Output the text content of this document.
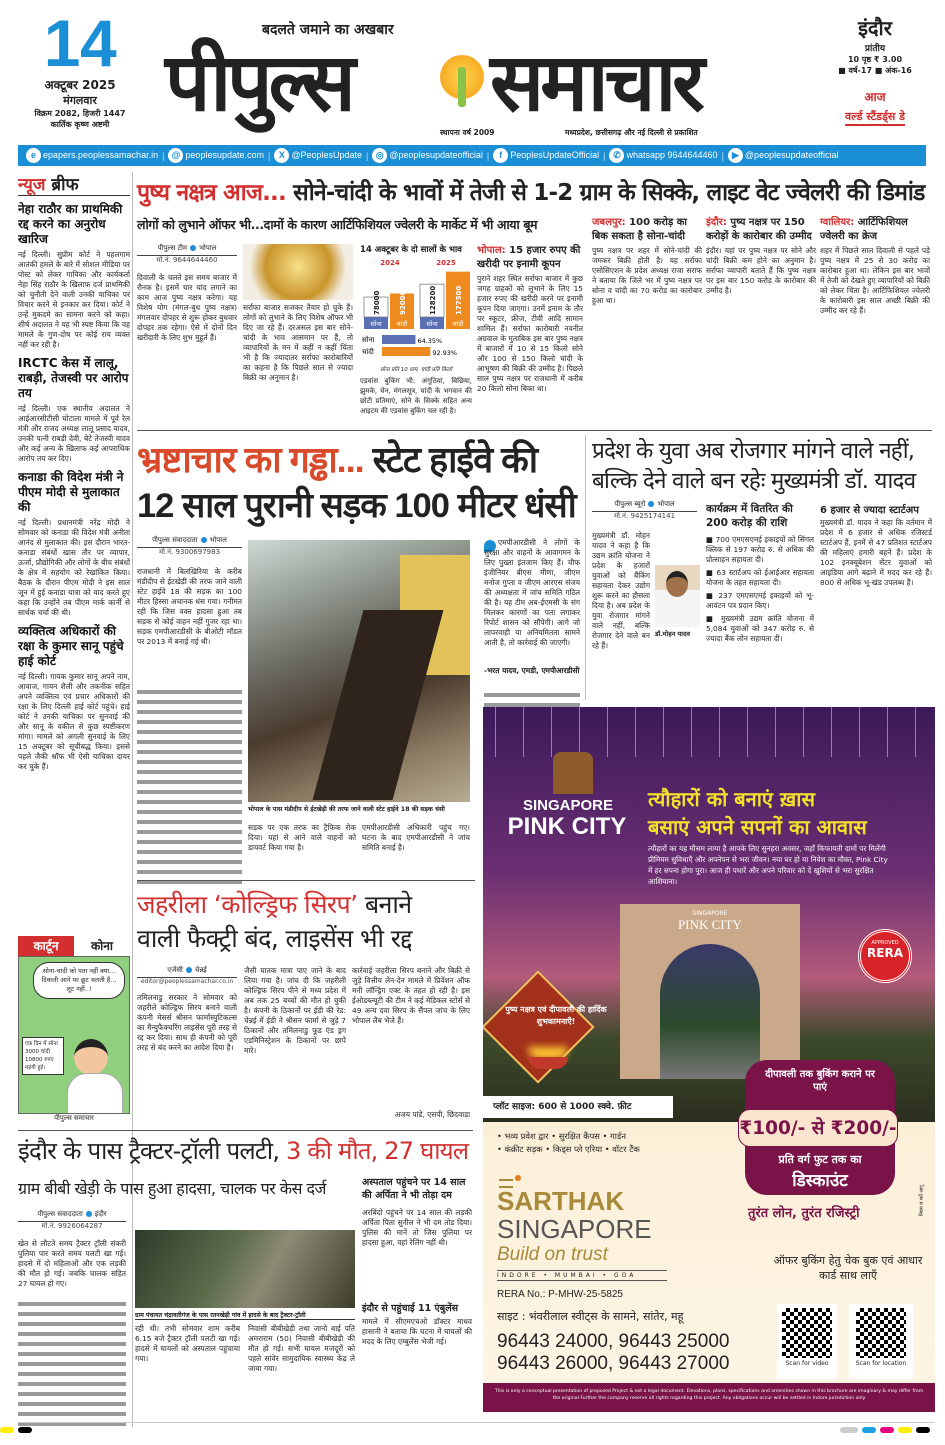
14
अक्टूबर 2025
मंगलवार
विक्रम 2082, हिजरी 1447
कार्तिक कृष्ण अष्टमी
बदलते जमाने का अखबार
पीपुल्स	समाचार
स्थापना वर्ष 2009	मध्यप्रदेश, छत्तीसगढ़ और नई दिल्ली से प्रकाशित
इंदौर
प्रांतीय
10 पृष्ठ ₹ 3.00
■ वर्ष-17 ■ अंक-16
आज
वर्ल्ड स्टैंडर्ड्स डे
e epapers.peoplessamachar.in | @ peoplesupdate.com | X @PeoplesUpdate | ◎ @peoplesupdateofficial |	f PeoplesUpdateOfficial | ✆ whatsapp 9644644460 | ▶ @peoplesupdateofficial
न्यूज ब्रीफ
नेहा राठौर का प्राथमिकी रद्द करने का अनुरोध खारिज
नई दिल्ली। सुप्रीम कोर्ट ने पहलगाम आतंकी हमले के बारे में सोशल मीडिया पर पोस्ट को लेकर गायिका और कार्यकर्ता नेहा सिंह राठौर के खिलाफ दर्ज प्राथमिकी को चुनौती देने वाली उनकी याचिका पर विचार करने से इनकार कर दिया। कोर्ट ने उन्हें मुकदमे का सामना करने को कहा। शीर्ष अदालत ने यह भी स्पष्ट किया कि वह मामले के गुण-दोष पर कोई राय व्यक्त नहीं कर रही है।
IRCTC केस में लालू, राबड़ी, तेजस्वी पर आरोप तय
नई दिल्ली। एक स्थानीय अदालत ने आईआरसीटीसी घोटाला मामले में पूर्व रेल मंत्री और राजद अध्यक्ष लालू प्रसाद यादव, उनकी पत्नी राबड़ी देवी, बेटे तेजस्वी यादव और कई अन्य के खिलाफ कई आपराधिक आरोप तय कर दिए।
कनाडा की विदेश मंत्री ने पीएम मोदी से मुलाकात की
नई दिल्ली। प्रधानमंत्री नरेंद्र मोदी ने सोमवार को कनाडा की विदेश मंत्री अनीता आनंद से मुलाकात की। इस दौरान भारत-कनाडा संबंधों खास तौर पर व्यापार, ऊर्जा, प्रौद्योगिकी और लोगों के बीच संबंधों के क्षेत्र में सहयोग को रेखांकित किया। बैठक के दौरान पीएम मोदी ने इस साल जून में हुई कनाडा यात्रा को याद करते हुए कहा कि उन्होंने तब पीएम मार्क कार्नी से सार्थक चर्चा की थी।
व्यक्तित्व अधिकारों की रक्षा के कुमार सानू पहुंचे हाई कोर्ट
नई दिल्ली। गायक कुमार सानू अपने नाम, आवाज, गायन शैली और तकनीक सहित अपने व्यक्तित्व एवं प्रचार अधिकारों की रक्षा के लिए दिल्ली हाई कोर्ट पहुंचे। हाई कोर्ट ने उनकी याचिका पर सुनवाई की और सानू के वकील से कुछ स्पष्टीकरण मांगा। मामले को अगली सुनवाई के लिए 15 अक्टूबर को सूचीबद्ध किया। इससे पहले जैकी श्रॉफ भी ऐसी याचिका दायर कर चुके हैं।
कार्टून	कोना
सोना-चांदी को पता नहीं क्या... दिवाली आने पर छूट चलती है... लूट नहीं..!
एक दिन में सोना 3000 चांदी 10800 रुपए महंगी हुई।
पीपुल्स समाचार
पुष्य नक्षत्र आज... सोने-चांदी के भावों में तेजी से 1-2 ग्राम के सिक्के, लाइट वेट ज्वेलरी की डिमांड
लोगों को लुभाने ऑफर भी...दामों के कारण आर्टिफिशियल ज्वेलरी के मार्केट में भी आया बूम
पीपुल्स टीम भोपाल
मो.नं. 9644644460
दिवाली के चलते इस समय बाजार में रौनक है। इसमें चार चांद लगाने का काम आज पुष्य नक्षत्र करेगा। यह विशेष योग (मंगल-बुध पुष्य नक्षत्र) मंगलवार दोपहर से शुरू होकर बुधवार दोपहर तक रहेगा। ऐसे में दोनों दिन खरीदारी के लिए शुभ मुहूर्त हैं।
सर्राफा बाजार सजकर तैयार हो चुके हैं। लोगों को लुभाने के लिए विशेष ऑफर भी दिए जा रहे हैं। दरअसल इस बार सोने-चांदी के भाव आसमान पर हैं, तो व्यापारियों के मन में कहीं न कहीं चिंता भी है कि ज्यादातर सर्राफा कारोबारियों का कहना है कि पिछले साल से ज्यादा बिक्री का अनुमान है।
14 अक्टूबर के दो सालों के भाव
2024
78000
सोना
92000
चांदी
2025
128200
सोना
177500
चांदी
सोना	64.35%
चांदी	92.93%
सोना प्रति 10 ग्राम, चांदी प्रति किलो
एडवांस बुकिंग भी: अंगूठियां, बिछिया, झुमके, चेन, मंगलसूत्र, चांदी के भगवान की छोटी प्रतिमाएं, सोने के सिक्के सहित अन्य आइटम की एडवांस बुकिंग चल रही है।
भोपाल: 15 हजार रुपए की खरीदी पर इनामी कूपन
पुराने शहर स्थित सर्राफा बाजार में कुछ जगह ग्राहकों को लुभाने के लिए 15 हजार रुपए की खरीदी करने पर इनामी कूपन दिया जाएगा। उनमें इनाम के तौर पर स्कूटर, फ्रीज, टीवी आदि सामान शामिल हैं। सर्राफा कारोबारी नवनीत अग्रवाल के मुताबिक इस बार पुष्य नक्षत्र में बाजारों में 10 से 15 किलो सोने और 100 से 150 किलो चांदी के आभूषण की बिक्री की उम्मीद है। पिछले साल पुष्य नक्षत्र पर राजधानी में करीब 20 किलो सोना बिका था।
जबलपुर: 100 करोड़ का बिक सकता है सोना-चांदी
पुष्य नक्षत्र पर शहर में सोने-चांदी की जमकर बिक्री होती है। यह सर्राफा एसोसिएशन के प्रदेश अध्यक्ष राजा सराफ ने बताया कि जिले भर में पुष्य नक्षत्र पर सोना व चांदी का 70 करोड़ का कारोबार हुआ था।
इंदौर: पुष्य नक्षत्र पर 150 करोड़ों के कारोबार की उम्मीद
इंदौर। यहां पर पुष्य नक्षत्र पर सोने और चांदी बिक्री कम होने का अनुमान है। सर्राफा व्यापारी बताते हैं कि पुष्य नक्षत्र पर इस बार 150 करोड़ के कारोबार की उम्मीद है।
ग्वालियर: आर्टिफिशियल ज्वेलरी का क्रेज
शहर में पिछले साल दिवाली से पहले पड़े पुष्य नक्षत्र में 25 से 30 करोड़ का कारोबार हुआ था। लेकिन इस बार भावों में तेजी को देखते हुए व्यापारियों को बिक्री को लेकर चिंता है। आर्टिफिशियल ज्वेलरी के कारोबारी इस साल अच्छी बिक्री की उम्मीद कर रहे हैं।
भ्रष्टाचार का गड्ढा... स्टेट हाईवे की
12 साल पुरानी सड़क 100 मीटर धंसी
पीपुल्स संवाददाता भोपाल
मो.नं. 9300697983
राजधानी में बिलखिरिया के करीब मंडीदीप से ईटखेड़ी की तरफ जाने वाली स्टेट हाईवे 18 की सड़क का 100 मीटर हिस्सा अचानक धंस गया। गनीमत रही कि जिस वक्त हादसा हुआ तब सड़क से कोई वाहन नहीं गुजर रहा था। सड़क एमपीआरडीसी के बीओटी मॉडल पर 2013 में बनाई गई थी।
भोपाल के पास मंडीदीप से ईटखेड़ी की तरफ जाने वाली स्टेट हाईवे 18 की सड़क धंसी
सड़क पर एक तरफ का ट्रैफिक रोक दिया। यहां से आने वाले वाहनों को डायवर्ट किया गया है।
एमपीआरडीसी अधिकारी पहुंच गए। घटना के बाद एमपीआरडीसी ने जांच समिति बनाई है।
एमपीआरडीसी ने लोगों के सुरक्षा और वाहनों के आवागमन के लिए पुख्ता इंतजाम किए हैं। चीफ इंजीनियर बीएस मीणा, जीएम मनोज गुप्ता व जीएम आरएस संजय की अध्यक्षता में जांच समिति गठित की है। यह टीम अब-ईएमसी के संग मिलकर कारणों का पता लगाकर रिपोर्ट शासन को सौंपेगी। आगे जो लापरवाही या अनियमितता सामने आती है, तो कार्रवाई की जाएगी।
-भरत यादव, एमडी, एमपीआरडीसी
प्रदेश के युवा अब रोजगार मांगने वाले नहीं, बल्कि देने वाले बन रहेः मुख्यमंत्री डॉ. यादव
पीपुल्स ब्यूरो भोपाल
मो.नं. 9425174141
मुख्यमंत्री डॉ. मोहन यादव ने कहा है कि उद्यम क्रांति योजना ने प्रदेश के हजारों युवाओं को बैंकिंग सहायता देकर उद्योग शुरू करने का हौसला दिया है। अब प्रदेश के युवा रोजगार मांगने वाले नहीं, बल्कि रोजगार देने वाले बन रहे हैं।
डॉ.मोहन यादव
कार्यक्रम में वितरित की 200 करोड़ की राशि
■ 700 एमएसएमई इकाइयों को सिंगल क्लिक से 197 करोड़ रु. से अधिक की प्रोत्साहन सहायता दी।
■ 63 स्टार्टअप को ईआईआर सहायता योजना के तहत सहायता दी।
■ 237 एमएसएमई इकाइयों को भू-आवंटन पत्र प्रदान किए।
■ मुख्यमंत्री उद्यम क्रांति योजना में 5,084 युवाओं को 347 करोड़ रु. से ज्यादा बैंक लोन सहायता दी।
6 हजार से ज्यादा स्टार्टअप
मुख्यमंत्री डॉ. यादव ने कहा कि वर्तमान में प्रदेश में 6 हजार से अधिक रजिस्टर्ड स्टार्टअप हैं, इनमें से 47 प्रतिशत स्टार्टअप की महिलाएं हमारी बहनें हैं। प्रदेश के 102 इनक्यूबेशन सेंटर युवाओं को आइडिया आगे बढ़ाने में मदद कर रहे हैं। 800 से अधिक भू-खंड उपलब्ध हैं।
जहरीला ‘कोल्ड्रिफ सिरप’ बनाने
वाली फैक्ट्री बंद, लाइसेंस भी रद्द
एजेंसी चेन्नई
editor@peoplessamachar.co.in
तमिलनाडु सरकार ने सोमवार को जहरीले कोल्ड्रिफ सिरप बनाने वाली कंपनी मेसर्स श्रीसन फार्मास्युटिकल्स का मैन्युफैक्चरिंग लाइसेंस पूरी तरह से रद्द कर दिया। साथ ही कंपनी को पूरी तरह से बंद करने का आदेश दिया है।
जैसी घातक मात्रा पाए जाने के बाद लिया गया है। जांच दी कि जहरीली कोल्ड्रिफ सिरप पीने से मध्य प्रदेश में अब तक 25 बच्चों की मौत हो चुकी है। कंपनी के ठिकानों पर ईडी की रेड: चेन्नई में ईडी ने श्रीसन फार्मा से जुड़े 7 ठिकानों और तमिलनाडु फूड एंड ड्रग एडमिनिस्ट्रेशन के ठिकानों पर छापे मारे।
कार्रवाई जहरीला सिरप बनाने और बिक्री से जुड़े वित्तीय लेन-देन मामले में प्रिवेंशन ऑफ मनी लॉन्ड्रिंग एक्ट के तहत हो रही है। इस ईओडब्ल्यूटी की टीम ने कई मेडिकल स्टोर्स से 49 अन्य दवा सिरप के सैंपल जांच के लिए भोपाल लैब भेजे हैं।
अजय पांडे, एसपी, छिंदवाड़ा
इंदौर के पास ट्रैक्टर-ट्रॉली पलटी, 3 की मौत, 27 घायल
ग्राम बीबी खेड़ी के पास हुआ हादसा, चालक पर केस दर्ज
पीपुल्स संवाददाता इंदौर
मो.नं. 9926064287
खेत से लौटते समय ट्रैक्टर ट्रॉली संकरी पुलिया पार करते समय पलटी खा गई। हादसे में दो महिलाओं और एक लड़की की मौत हो गई। जबकि चालक सहित 27 घायल हो गए।
ग्राम पंचायत चंद्रावतीगंज के पास रतनखेड़ी गांव में हादसे के बाद ट्रैक्टर-ट्रॉली
रही थी। तभी सोमवार शाम करीब 6.15 बजे ट्रैक्टर ट्रॉली पलटी खा गई। हादसे में घायलों को अस्पताल पहुंचाया गया।
निवासी बीबीखेड़ी तथा जानो बाई पति अमराराम (50) निवासी बीबीखेड़ी की मौत हो गई। सभी घायल मजदूरों को पहले सांवेर सामुदायिक स्वास्थ्य केंद्र ले जाया गया।
अस्पताल पहुंचने पर 14 साल की अर्पिता ने भी तोड़ा दम
अरबिंदो पहुंचने पर 14 साल की लड़की अर्पिता पिता सुनील ने भी दम तोड़ दिया। पुलिस की मानें तो जिस पुलिया पर हादसा हुआ, वहां रेलिंग नहीं थी।
इंदौर से पहुंचाई 11 एंबुलेंस
मामले में सीएमएचओ डॉक्टर माधव हासानी ने बताया कि घटना में घायलों की मदद के लिए एम्बुलेंस भेजी गई।
SINGAPORE
PINK CITY
त्यौहारों को बनाएं ख़ास
बसाएं अपने सपनों का आवास
त्यौहारों का यह मौसम लाया है आपके लिए सुनहरा अवसर, जहाँ किफायती दामों पर मिलेंगी प्रीमियम सुविधाएँ और अपनेपन से भरा जीवन। नया घर हो या निवेश का मौका, Pink City में हर सपना होगा पूरा। आज ही पधारें और अपने परिवार को दें खुशियों से भरा सुरक्षित आशियाना।
SINGAPORE
PINK CITY
APPROVED
RERA
पुष्य नक्षत्र एवं दीपावली की हार्दिक शुभकामनाएँ!
प्लॉट साइज: 600 से 1000 स्क्वे. फ़ीट
दीपावली तक बुकिंग कराने पर पाएं
₹100/- से ₹200/-
प्रति वर्ग फुट तक का
डिस्काउंट
• भव्य प्रवेश द्वार • सुरक्षित कैंपस • गार्डन
• कंक्रीट सड़क • किड्स प्ले एरिया • वॉटर टैंक
SARTHAK
SINGAPORE
Build on trust
INDORE • MUMBAI • GOA
RERA No.: P-MHW-25-5825
साइट : भंवरीलाल स्वीट्स के सामने, सांतेर, महू
96443 24000, 96443 25000
96443 26000, 96443 27000
तुरंत लोन, तुरंत रजिस्ट्री	नियम व शर्तें लागू
ऑफर बुकिंग हेतु चेक बुक एवं आधार कार्ड साथ लाएँ
Scan for video	Scan for location
This is only a conceptual presentation of proposed Project & not a legal document. Elevations, plans, specifications and amenities shown in this brochure are imaginary & may differ from the original Further the company reserve all rights regarding this project. Any obligations occur will be settled in Indore jurisdiction only
